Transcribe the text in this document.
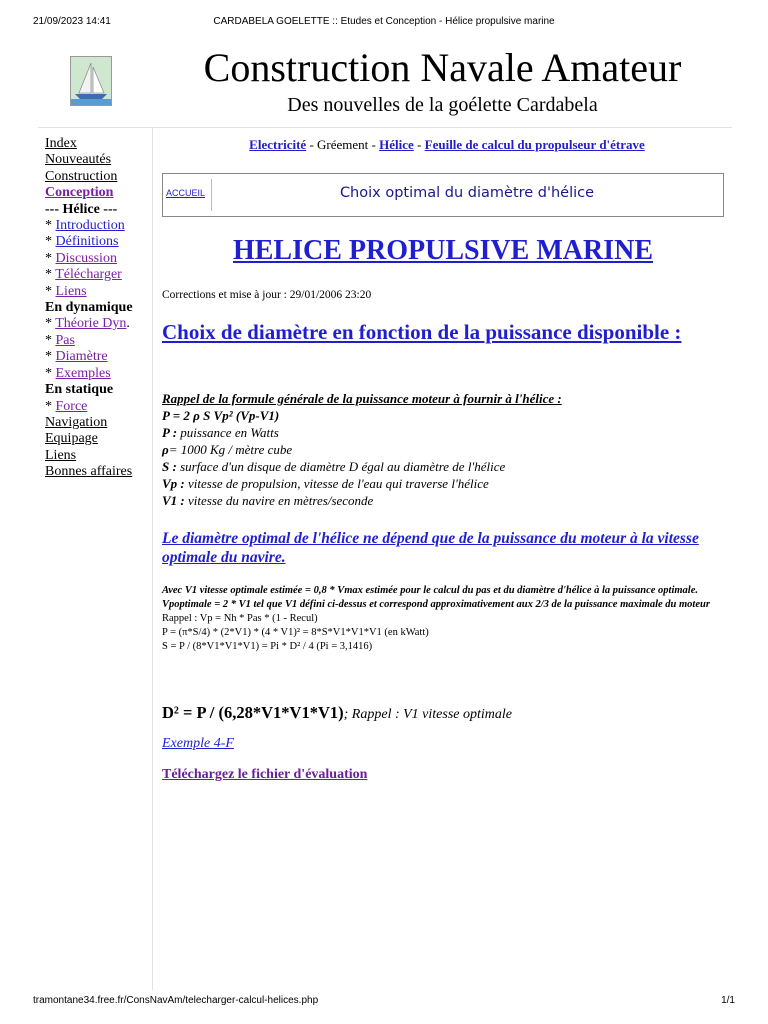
21/09/2023 14:41	CARDABELA GOELETTE :: Etudes et Conception - Hélice propulsive marine
Construction Navale Amateur
Des nouvelles de la goélette Cardabela
Index
Nouveautés
Construction
Conception
--- Hélice ---
* Introduction
* Définitions
* Discussion
* Télécharger
* Liens
En dynamique
* Théorie Dyn.
* Pas
* Diamètre
* Exemples
En statique
* Force
Navigation
Equipage
Liens
Bonnes affaires
Electricité - Gréement - Hélice - Feuille de calcul du propulseur d'étrave
ACCUEIL	Choix optimal du diamètre d'hélice
HELICE PROPULSIVE MARINE
Corrections et mise à jour : 29/01/2006 23:20
Choix de diamètre en fonction de la puissance disponible :
Rappel de la formule générale de la puissance moteur à fournir à l'hélice :
P = 2 ρ S Vp² (Vp-V1)
P : puissance en Watts
ρ= 1000 Kg / mètre cube
S : surface d'un disque de diamètre D égal au diamètre de l'hélice
Vp : vitesse de propulsion, vitesse de l'eau qui traverse l'hélice
V1 : vitesse du navire en mètres/seconde
Le diamètre optimal de l'hélice ne dépend que de la puissance du moteur à la vitesse optimale du navire.
Avec V1 vitesse optimale estimée = 0,8 * Vmax estimée pour le calcul du pas et du diamètre d'hélice à la puissance optimale.
Vpoptimale = 2 * V1 tel que V1 défini ci-dessus et correspond approximativement aux 2/3 de la puissance maximale du moteur
Rappel : Vp = Nh * Pas * (1 - Recul)
P = (π*S/4) * (2*V1) * (4 * V1)² = 8*S*V1*V1*V1 (en kWatt)
S = P / (8*V1*V1*V1) = Pi * D² / 4 (Pi = 3,1416)
D² = P / (6,28*V1*V1*V1); Rappel : V1 vitesse optimale
Exemple 4-F
Téléchargez le fichier d'évaluation
tramontane34.free.fr/ConsNavAm/telecharger-calcul-helices.php	1/1
